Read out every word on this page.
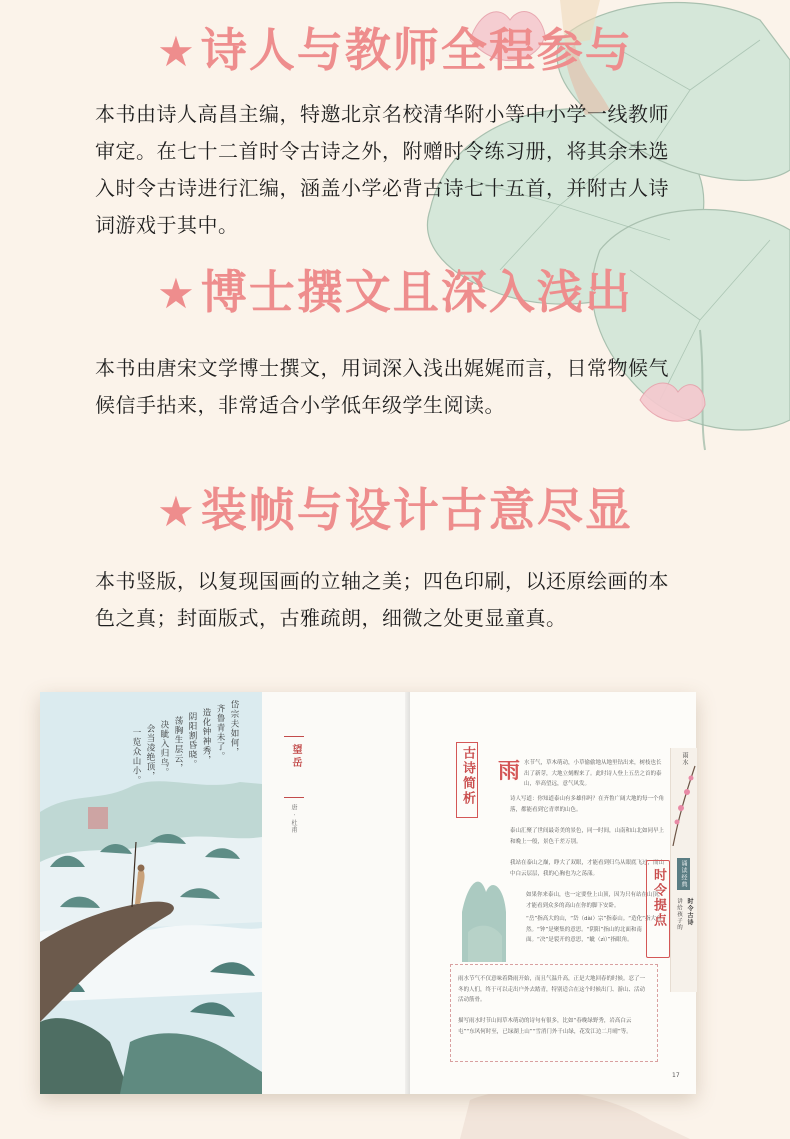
★诗人与教师全程参与
本书由诗人高昌主编，特邀北京名校清华附小等中小学一线教师审定。在七十二首时令古诗之外，附赠时令练习册，将其余未选入时令古诗进行汇编，涵盖小学必背古诗七十五首，并附古人诗词游戏于其中。
★博士撰文且深入浅出
本书由唐宋文学博士撰文，用词深入浅出娓娓而言，日常物候气候信手拈来，非常适合小学低年级学生阅读。
★装帧与设计古意尽显
本书竖版，以复现国画的立轴之美；四色印刷，以还原绘画的本色之真；封面版式，古雅疏朗，细微之处更显童真。
岱宗夫如何，
齐鲁青未了。
造化钟神秀，
阴阳割昏晓。
荡胸生层云，
决眦入归鸟。
会当凌绝顶，
一览众山小。	望岳
唐 · 杜甫
古诗简析 雨 水节气，草木萌动，小草偷偷地从地里钻出来，树枝也长出了新芽，大地立刻醒来了。此时诗人登上五岳之首的泰山，举高望远，意气风发。
诗人写道：你知道泰山有多雄伟吗？在齐鲁广阔大地的每一个角落，都能看到它青翠的山色。
泰山汇聚了世间最奇美的景色，同一时间，山南和山北如同早上和晚上一般，景色千差万别。
我站在泰山之巅，睁大了双眼，才能看到归鸟从眼底飞过，而山中白云层层，我的心胸也为之荡漾。
如果你来泰山，也一定要登上山顶，因为只有站在山顶，才能看到众多的高山在你的脚下安卧。
“岳”指高大的山，“岱（dài）宗”指泰山。“造化”指大自然。“钟”是聚集的意思。“阴阳”指山的北面和南面。“决”是裂开的意思，“眦（zì）”指眼角。
时令提点
雨水节气不仅意味着降雨开始，而且气温升高，正是大地回春的时候。忍了一冬的人们，终于可以走出户外去踏青，特别适合在这个时候出门、游山、活动活动筋骨。
描写雨水时节山间草木萌动的诗句有很多，比如“春晚绿野秀，岩高白云屯”“东风何时至，已绿湖上山”“雪消门外千山绿，花发江边二月晴”等。
17
雨水
诵读经典
讲给孩子的 时令古诗
